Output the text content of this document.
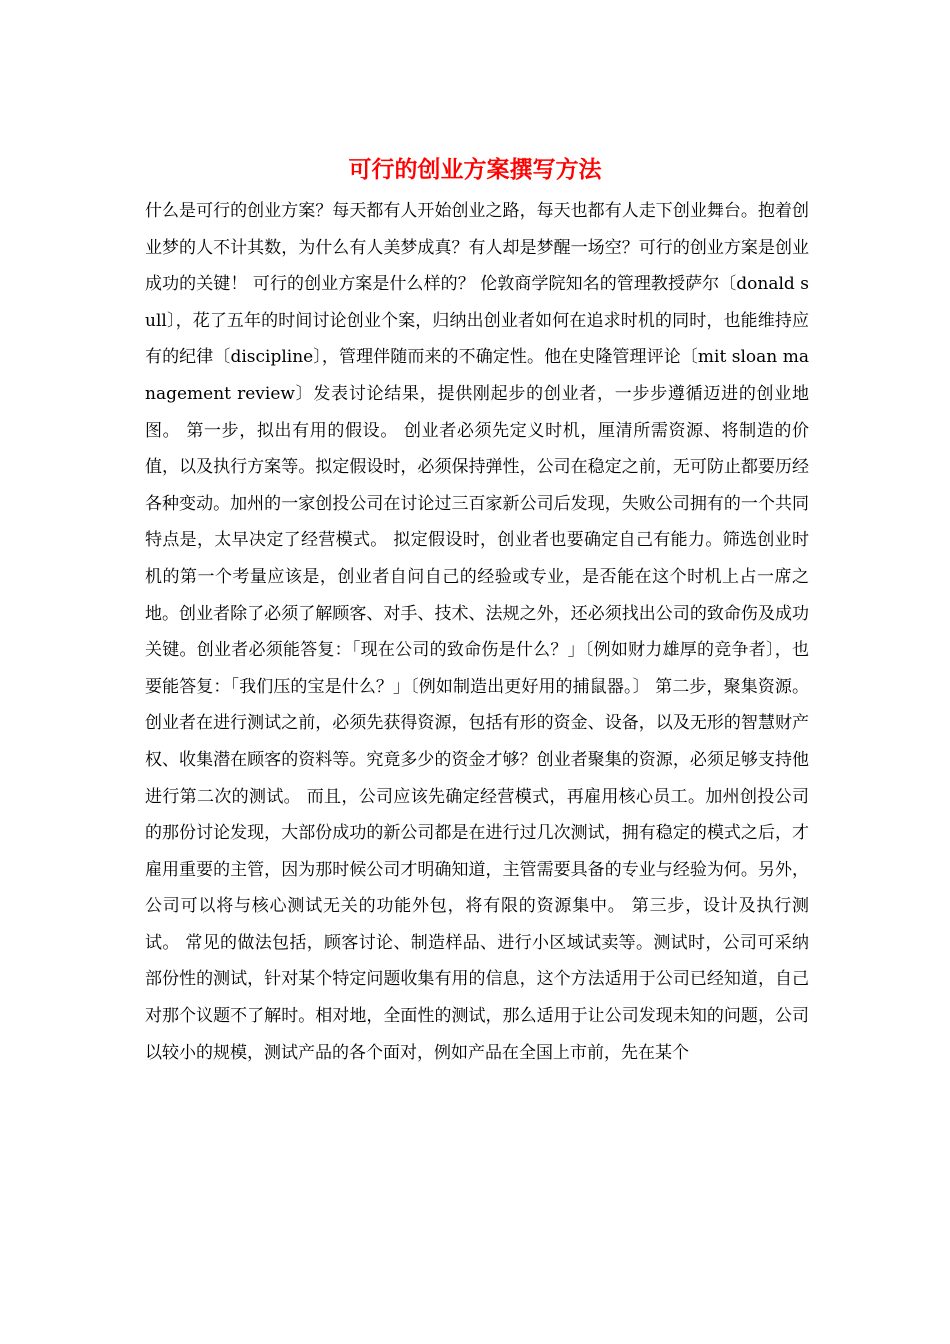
可行的创业方案撰写方法

什么是可行的创业方案？每天都有人开始创业之路，每天也都有人走下创业舞台。抱着创业梦的人不计其数，为什么有人美梦成真？有人却是梦醒一场空？可行的创业方案是创业成功的关键！ 可行的创业方案是什么样的？ 伦敦商学院知名的管理教授萨尔〔donald sull〕，花了五年的时间讨论创业个案，归纳出创业者如何在追求时机的同时，也能维持应有的纪律〔discipline〕，管理伴随而来的不确定性。他在史隆管理评论〔mit sloan management review〕发表讨论结果，提供刚起步的创业者，一步步遵循迈进的创业地图。 第一步，拟出有用的假设。 创业者必须先定义时机，厘清所需资源、将制造的价值，以及执行方案等。拟定假设时，必须保持弹性，公司在稳定之前，无可防止都要历经各种变动。加州的一家创投公司在讨论过三百家新公司后发现，失败公司拥有的一个共同特点是，太早决定了经营模式。 拟定假设时，创业者也要确定自己有能力。筛选创业时机的第一个考量应该是，创业者自问自己的经验或专业，是否能在这个时机上占一席之地。创业者除了必须了解顾客、对手、技术、法规之外，还必须找出公司的致命伤及成功关键。创业者必须能答复：「现在公司的致命伤是什么？」〔例如财力雄厚的竞争者〕，也要能答复：「我们压的宝是什么？」〔例如制造出更好用的捕鼠器。〕 第二步，聚集资源。 创业者在进行测试之前，必须先获得资源，包括有形的资金、设备，以及无形的智慧财产权、收集潜在顾客的资料等。究竟多少的资金才够？创业者聚集的资源，必须足够支持他进行第二次的测试。 而且，公司应该先确定经营模式，再雇用核心员工。加州创投公司的那份讨论发现，大部份成功的新公司都是在进行过几次测试，拥有稳定的模式之后，才雇用重要的主管，因为那时候公司才明确知道，主管需要具备的专业与经验为何。另外，公司可以将与核心测试无关的功能外包，将有限的资源集中。 第三步，设计及执行测试。 常见的做法包括，顾客讨论、制造样品、进行小区域试卖等。测试时，公司可采纳部份性的测试，针对某个特定问题收集有用的信息，这个方法适用于公司已经知道，自己对那个议题不了解时。相对地，全面性的测试，那么适用于让公司发现未知的问题，公司以较小的规模，测试产品的各个面对，例如产品在全国上市前，先在某个
